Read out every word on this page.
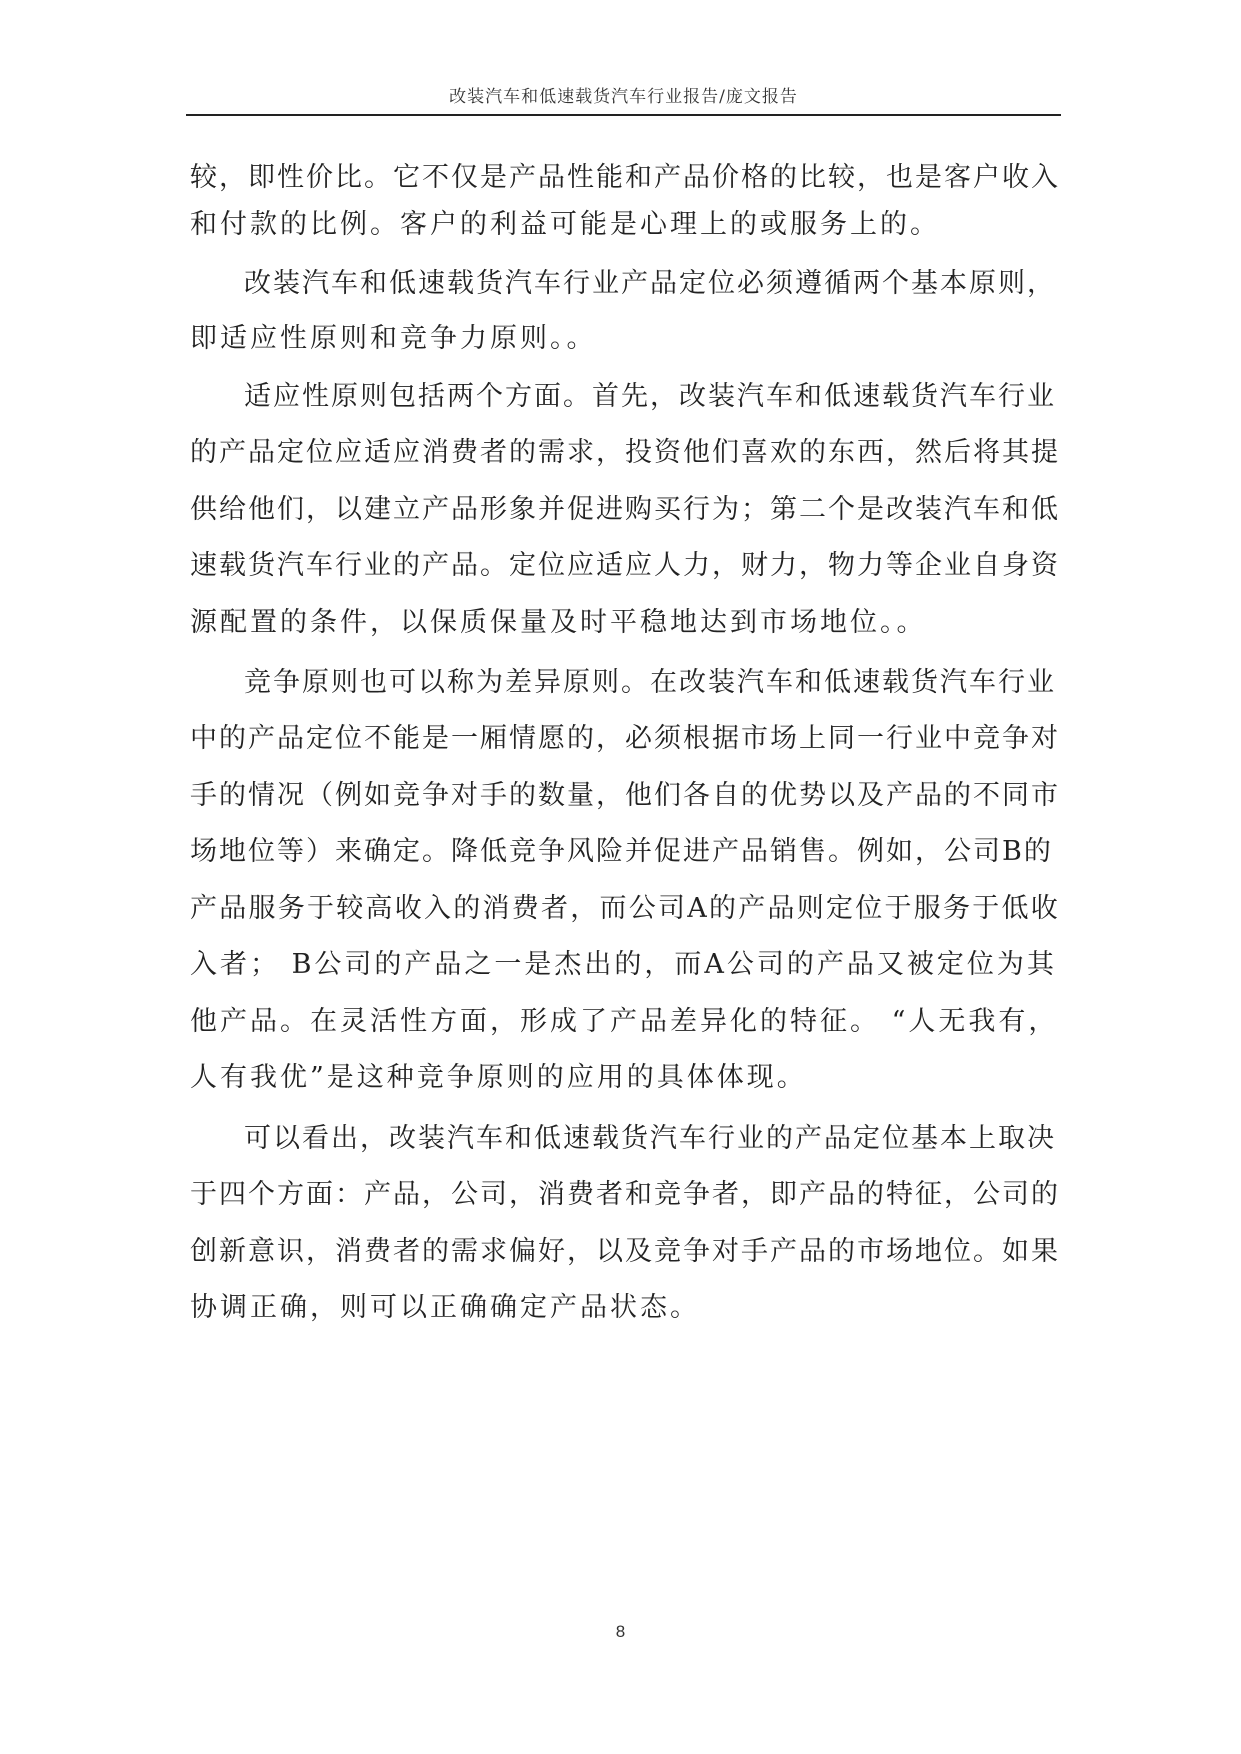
改装汽车和低速载货汽车行业报告/庞文报告
较，即性价比。它不仅是产品性能和产品价格的比较，也是客户收入
和付款的比例。客户的利益可能是心理上的或服务上的。
改装汽车和低速载货汽车行业产品定位必须遵循两个基本原则，
即适应性原则和竞争力原则。。
适应性原则包括两个方面。首先，改装汽车和低速载货汽车行业
的产品定位应适应消费者的需求，投资他们喜欢的东西，然后将其提
供给他们，以建立产品形象并促进购买行为；第二个是改装汽车和低
速载货汽车行业的产品。定位应适应人力，财力，物力等企业自身资
源配置的条件，以保质保量及时平稳地达到市场地位。。
竞争原则也可以称为差异原则。在改装汽车和低速载货汽车行业
中的产品定位不能是一厢情愿的，必须根据市场上同一行业中竞争对
手的情况（例如竞争对手的数量，他们各自的优势以及产品的不同市
场地位等）来确定。降低竞争风险并促进产品销售。例如，公司B的
产品服务于较高收入的消费者，而公司A的产品则定位于服务于低收
入者； B公司的产品之一是杰出的，而A公司的产品又被定位为其
他产品。在灵活性方面，形成了产品差异化的特征。 “人无我有，
人有我优”是这种竞争原则的应用的具体体现。
可以看出，改装汽车和低速载货汽车行业的产品定位基本上取决
于四个方面：产品，公司，消费者和竞争者，即产品的特征，公司的
创新意识，消费者的需求偏好，以及竞争对手产品的市场地位。如果
协调正确，则可以正确确定产品状态。
8
